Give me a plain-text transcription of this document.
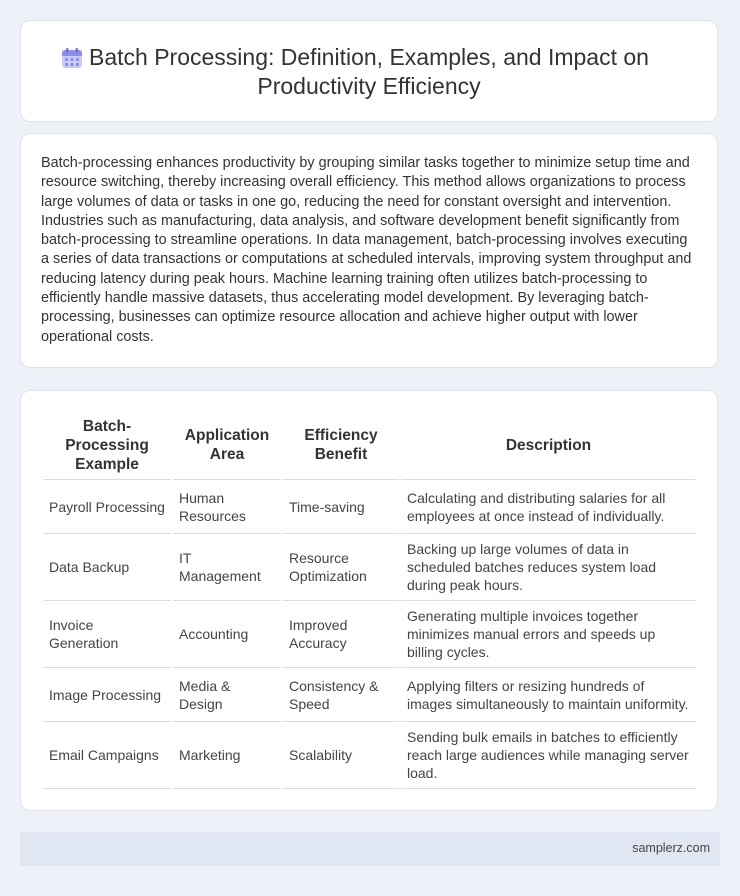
Batch Processing: Definition, Examples, and Impact on Productivity Efficiency

Batch-processing enhances productivity by grouping similar tasks together to minimize setup time and resource switching, thereby increasing overall efficiency. This method allows organizations to process large volumes of data or tasks in one go, reducing the need for constant oversight and intervention. Industries such as manufacturing, data analysis, and software development benefit significantly from batch-processing to streamline operations. In data management, batch-processing involves executing a series of data transactions or computations at scheduled intervals, improving system throughput and reducing latency during peak hours. Machine learning training often utilizes batch-processing to efficiently handle massive datasets, thus accelerating model development. By leveraging batch-processing, businesses can optimize resource allocation and achieve higher output with lower operational costs.

Batch-Processing Example	Application Area	Efficiency Benefit	Description
Payroll Processing	Human Resources	Time-saving	Calculating and distributing salaries for all employees at once instead of individually.
Data Backup	IT Management	Resource Optimization	Backing up large volumes of data in scheduled batches reduces system load during peak hours.
Invoice Generation	Accounting	Improved Accuracy	Generating multiple invoices together minimizes manual errors and speeds up billing cycles.
Image Processing	Media & Design	Consistency & Speed	Applying filters or resizing hundreds of images simultaneously to maintain uniformity.
Email Campaigns	Marketing	Scalability	Sending bulk emails in batches to efficiently reach large audiences while managing server load.
samplerz.com
